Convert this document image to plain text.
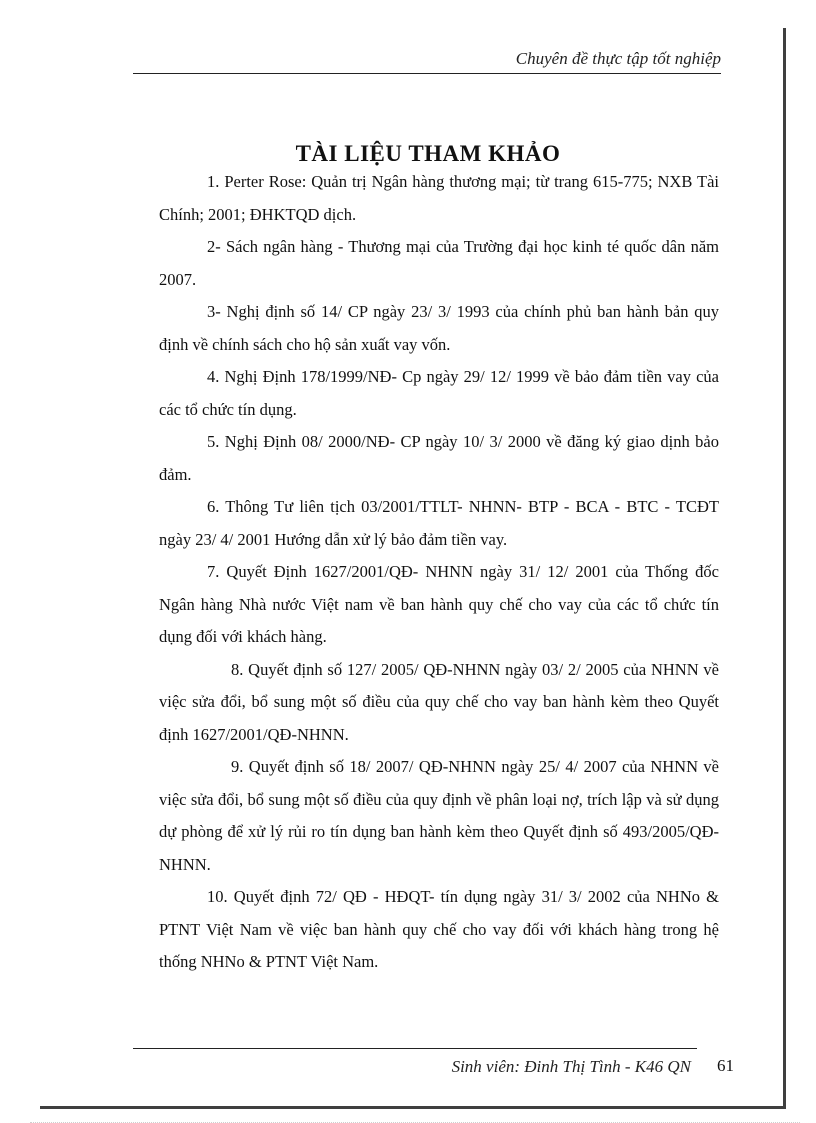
Chuyên đề thực tập tốt nghiệp
TÀI LIỆU THAM KHẢO

1. Perter Rose: Quản trị Ngân hàng thương mại; từ trang 615-775; NXB Tài Chính; 2001; ĐHKTQD dịch.

2- Sách ngân hàng - Thương mại của Trường đại học kinh té quốc dân năm 2007.

3- Nghị định số 14/ CP ngày 23/ 3/ 1993 của chính phủ ban hành bản quy định về chính sách cho hộ sản xuất vay vốn.

4. Nghị Định 178/1999/NĐ- Cp ngày 29/ 12/ 1999 về bảo đảm tiền vay của các tổ chức tín dụng.

5. Nghị Định 08/ 2000/NĐ- CP ngày 10/ 3/ 2000 về đăng ký giao dịnh bảo đảm.

6. Thông Tư liên tịch 03/2001/TTLT- NHNN- BTP - BCA - BTC - TCĐT ngày 23/ 4/ 2001 Hướng dẫn xử lý bảo đảm tiền vay.

7. Quyết Định 1627/2001/QĐ- NHNN ngày 31/ 12/ 2001 của Thống đốc Ngân hàng Nhà nước Việt nam về ban hành quy chế cho vay của các tổ chức tín dụng đối với khách hàng.

8. Quyết định số 127/ 2005/ QĐ-NHNN ngày 03/ 2/ 2005 của NHNN về việc sửa đổi, bổ sung một số điều của quy chế cho vay ban hành kèm theo Quyết định 1627/2001/QĐ-NHNN.

9. Quyết định số 18/ 2007/ QĐ-NHNN ngày 25/ 4/ 2007 của NHNN về việc sửa đổi, bổ sung một số điều của quy định về phân loại nợ, trích lập và sử dụng dự phòng để xử lý rủi ro tín dụng ban hành kèm theo Quyết định số 493/2005/QĐ-NHNN.

10. Quyết định 72/ QĐ - HĐQT- tín dụng ngày 31/ 3/ 2002 của NHNo & PTNT Việt Nam về việc ban hành quy chế cho vay đối với khách hàng trong hệ thống NHNo & PTNT Việt Nam.

Sinh viên: Đinh Thị Tình - K46 QN 61
